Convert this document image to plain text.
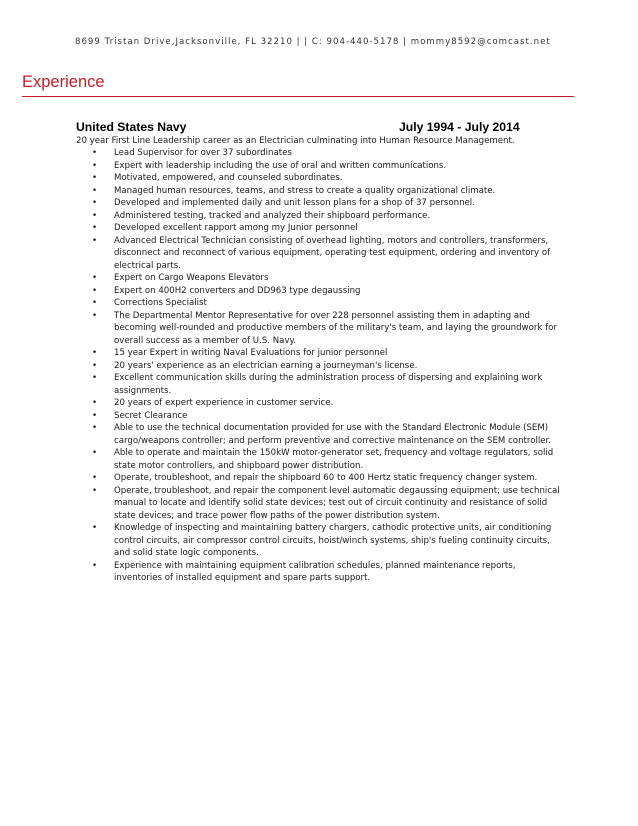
8699 Tristan Drive,Jacksonville, FL 32210 | | C: 904-440-5178 | mommy8592@comcast.net
Experience
United States Navy	July 1994 - July 2014
20 year First Line Leadership career as an Electrician culminating into Human Resource Management.
• Lead Supervisor for over 37 subordinates
• Expert with leadership including the use of oral and written communications.
• Motivated, empowered, and counseled subordinates.
• Managed human resources, teams, and stress to create a quality organizational climate.
• Developed and implemented daily and unit lesson plans for a shop of 37 personnel.
• Administered testing, tracked and analyzed their shipboard performance.
• Developed excellent rapport among my Junior personnel
• Advanced Electrical Technician consisting of overhead lighting, motors and controllers, transformers, disconnect and reconnect of various equipment, operating test equipment, ordering and inventory of electrical parts.
• Expert on Cargo Weapons Elevators
• Expert on 400H2 converters and DD963 type degaussing
• Corrections Specialist
• The Departmental Mentor Representative for over 228 personnel assisting them in adapting and becoming well-rounded and productive members of the military's team, and laying the groundwork for overall success as a member of U.S. Navy.
• 15 year Expert in writing Naval Evaluations for junior personnel
• 20 years' experience as an electrician earning a journeyman's license.
• Excellent communication skills during the administration process of dispersing and explaining work assignments.
• 20 years of expert experience in customer service.
• Secret Clearance
• Able to use the technical documentation provided for use with the Standard Electronic Module (SEM) cargo/weapons controller; and perform preventive and corrective maintenance on the SEM controller.
• Able to operate and maintain the 150kW motor-generator set, frequency and voltage regulators, solid state motor controllers, and shipboard power distribution.
• Operate, troubleshoot, and repair the shipboard 60 to 400 Hertz static frequency changer system.
• Operate, troubleshoot, and repair the component level automatic degaussing equipment; use technical manual to locate and identify solid state devices; test out of circuit continuity and resistance of solid state devices; and trace power flow paths of the power distribution system.
• Knowledge of inspecting and maintaining battery chargers, cathodic protective units, air conditioning control circuits, air compressor control circuits, hoist/winch systems, ship's fueling continuity circuits, and solid state logic components.
• Experience with maintaining equipment calibration schedules, planned maintenance reports, inventories of installed equipment and spare parts support.
